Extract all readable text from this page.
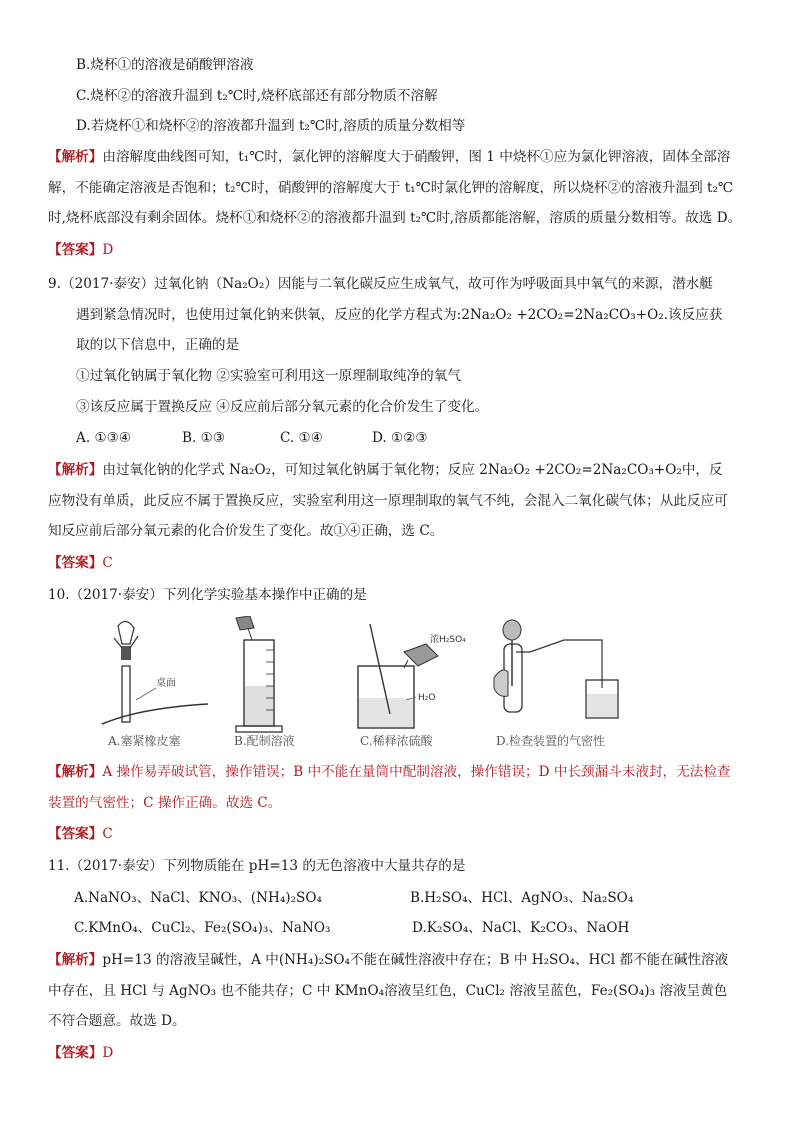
B.烧杯①的溶液是硝酸钾溶液
C.烧杯②的溶液升温到 t₂℃时,烧杯底部还有部分物质不溶解
D.若烧杯①和烧杯②的溶液都升温到 t₂℃时,溶质的质量分数相等
【解析】由溶解度曲线图可知，t₁℃时，氯化钾的溶解度大于硝酸钾，图 1 中烧杯①应为氯化钾溶液，固体全部溶
解，不能确定溶液是否饱和；t₂℃时，硝酸钾的溶解度大于 t₁℃时氯化钾的溶解度，所以烧杯②的溶液升温到 t₂℃
时,烧杯底部没有剩余固体。烧杯①和烧杯②的溶液都升温到 t₂℃时,溶质都能溶解，溶质的质量分数相等。故选 D。
【答案】D
9.（2017·泰安）过氧化钠（Na₂O₂）因能与二氧化碳反应生成氧气，故可作为呼吸面具中氧气的来源，潜水艇
遇到紧急情况时，也使用过氧化钠来供氧，反应的化学方程式为:2Na₂O₂ +2CO₂=2Na₂CO₃+O₂.该反应获
取的以下信息中，正确的是
①过氧化钠属于氧化物 ②实验室可利用这一原理制取纯净的氧气
③该反应属于置换反应 ④反应前后部分氧元素的化合价发生了变化。
A. ①③④	B. ①③	C. ①④	D. ①②③
【解析】由过氧化钠的化学式 Na₂O₂，可知过氧化钠属于氧化物；反应 2Na₂O₂ +2CO₂=2Na₂CO₃+O₂中，反
应物没有单质，此反应不属于置换反应，实验室利用这一原理制取的氧气不纯，会混入二氧化碳气体；从此反应可
知反应前后部分氧元素的化合价发生了变化。故①④正确，选 C。
【答案】C
10.（2017·泰安）下列化学实验基本操作中正确的是
桌面
A.塞紧橡皮塞	B.配制溶液
浓H₂SO₄
H₂O
C.稀释浓硫酸	D.检查装置的气密性
【解析】A 操作易弄破试管，操作错误；B 中不能在量筒中配制溶液，操作错误；D 中长颈漏斗未液封，无法检查
装置的气密性；C 操作正确。故选 C。
【答案】C
11.（2017·泰安）下列物质能在 pH=13 的无色溶液中大量共存的是
A.NaNO₃、NaCl、KNO₃、(NH₄)₂SO₄	B.H₂SO₄、HCl、AgNO₃、Na₂SO₄
C.KMnO₄、CuCl₂、Fe₂(SO₄)₃、NaNO₃	D.K₂SO₄、NaCl、K₂CO₃、NaOH
【解析】pH=13 的溶液呈碱性，A 中(NH₄)₂SO₄不能在碱性溶液中存在；B 中 H₂SO₄、HCl 都不能在碱性溶液
中存在，且 HCl 与 AgNO₃ 也不能共存；C 中 KMnO₄溶液呈红色，CuCl₂ 溶液呈蓝色，Fe₂(SO₄)₃ 溶液呈黄色
不符合题意。故选 D。
【答案】D
